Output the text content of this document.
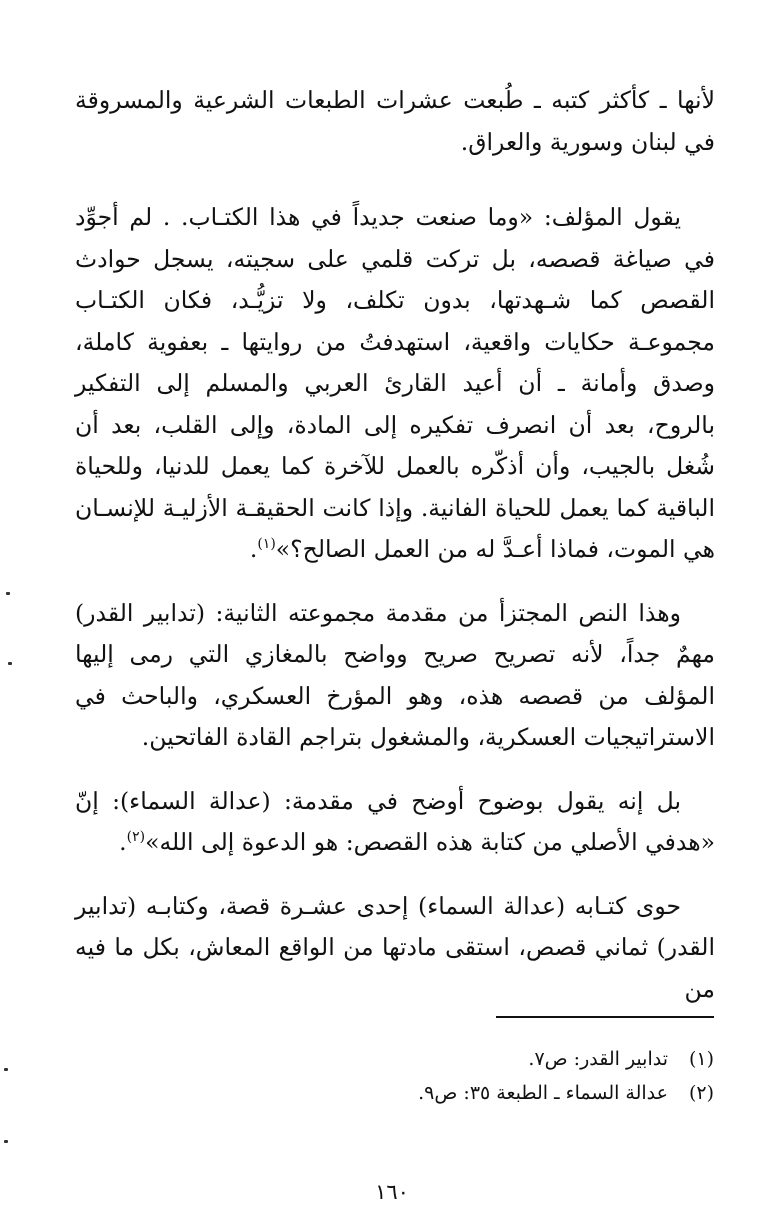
لأنها ـ كأكثر كتبه ـ طُبعت عشرات الطبعات الشرعية والمسروقة في لبنان وسورية والعراق.

يقول المؤلف: «وما صنعت جديداً في هذا الكتـاب. . لم أجوِّد في صياغة قصصه، بل تركت قلمي على سجيته، يسجل حوادث القصص كما شـهدتها، بدون تكلف، ولا تزيُّـد، فكان الكتـاب مجموعـة حكايات واقعية، استهدفتُ من روايتها ـ بعفوية كاملة، وصدق وأمانة ـ أن أعيد القارئ العربي والمسلم إلى التفكير بالروح، بعد أن انصرف تفكيره إلى المادة، وإلى القلب، بعد أن شُغل بالجيب، وأن أذكّره بالعمل للآخرة كما يعمل للدنيا، وللحياة الباقية كما يعمل للحياة الفانية. وإذا كانت الحقيقـة الأزليـة للإنسـان هي الموت، فماذا أعـدَّ له من العمل الصالح؟»$^{(١)}$.

وهذا النص المجتزأ من مقدمة مجموعته الثانية: (تدابير القدر) مهمٌ جداً، لأنه تصريح صريح وواضح بالمغازي التي رمى إليها المؤلف من قصصه هذه، وهو المؤرخ العسكري، والباحث في الاستراتيجيات العسكرية، والمشغول بتراجم القادة الفاتحين.

بل إنه يقول بوضوح أوضح في مقدمة: (عدالة السماء): إنّ «هدفي الأصلي من كتابة هذه القصص: هو الدعوة إلى الله»$^{(٢)}$.

حوى كتـابه (عدالة السماء) إحدى عشـرة قصة، وكتابـه (تدابير القدر) ثماني قصص، استقى مادتها من الواقع المعاش، بكل ما فيه من

(١)تدابير القدر: ص٧.
(٢)عدالة السماء ـ الطبعة ٣٥: ص٩.
١٦٠
